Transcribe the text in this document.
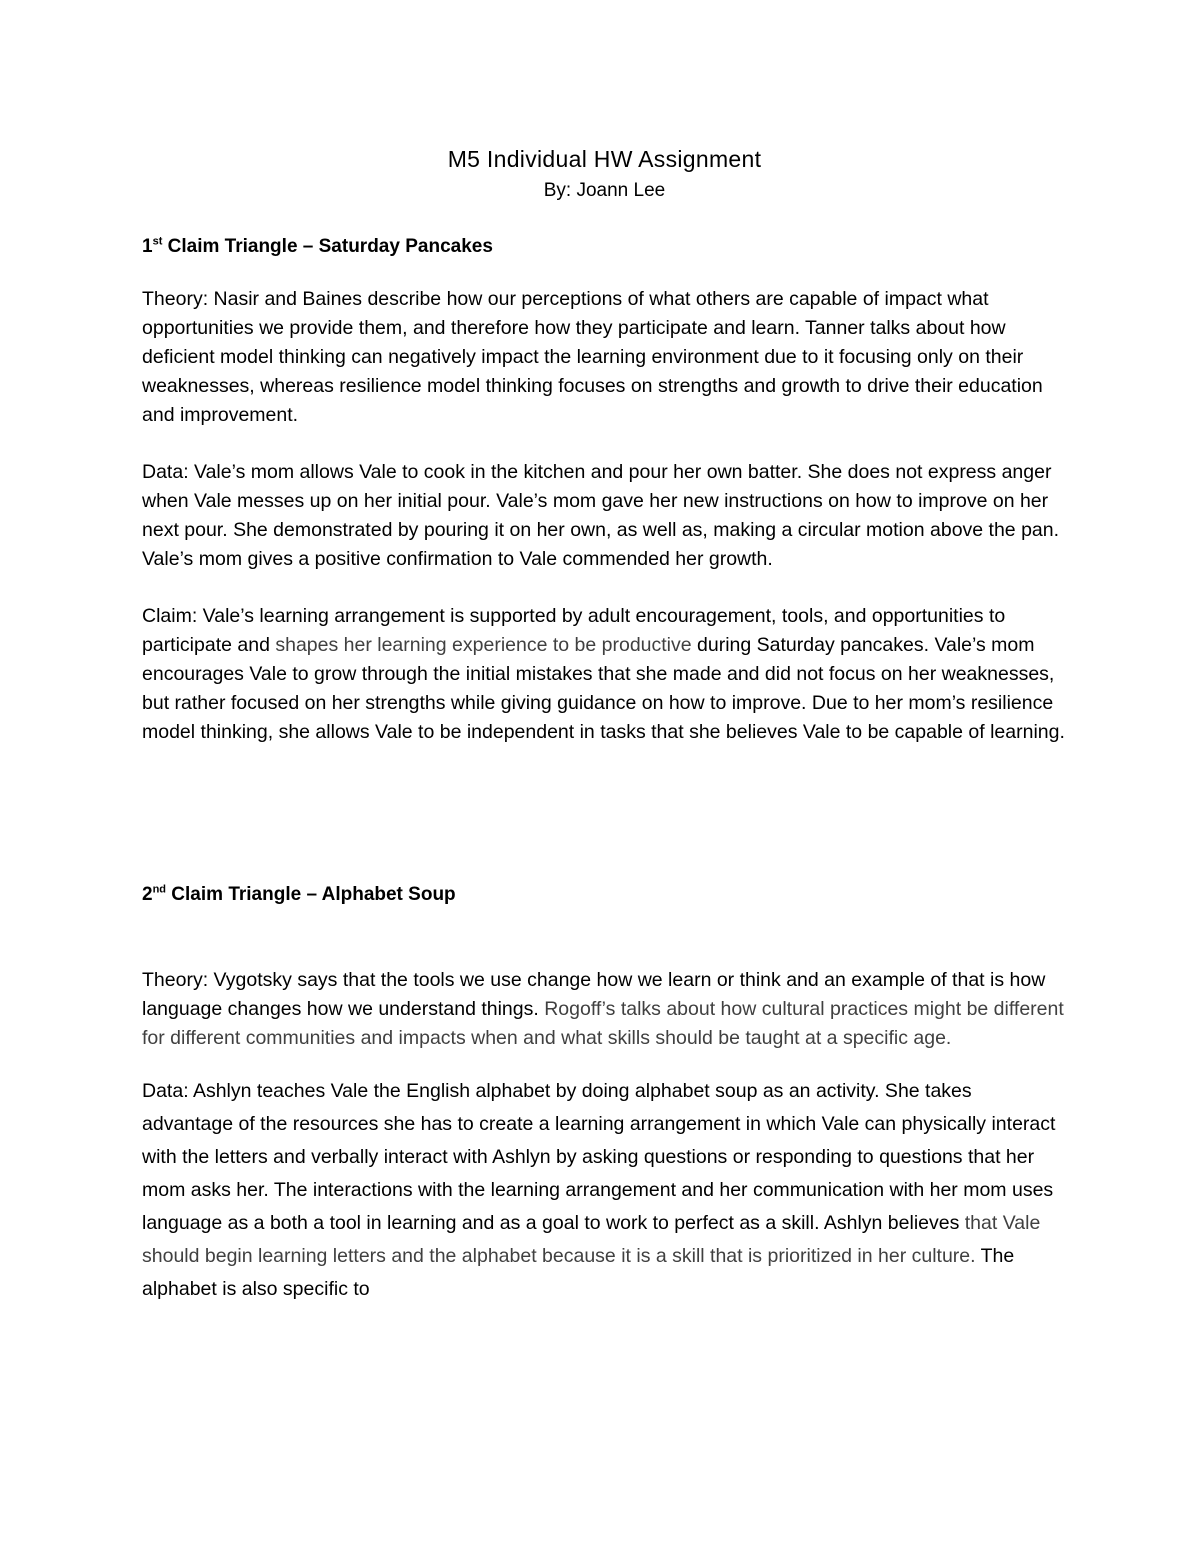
M5 Individual HW Assignment
By: Joann Lee
1st Claim Triangle – Saturday Pancakes

Theory: Nasir and Baines describe how our perceptions of what others are capable of impact what opportunities we provide them, and therefore how they participate and learn. Tanner talks about how deficient model thinking can negatively impact the learning environment due to it focusing only on their weaknesses, whereas resilience model thinking focuses on strengths and growth to drive their education and improvement.

Data: Vale’s mom allows Vale to cook in the kitchen and pour her own batter. She does not express anger when Vale messes up on her initial pour. Vale’s mom gave her new instructions on how to improve on her next pour. She demonstrated by pouring it on her own, as well as, making a circular motion above the pan. Vale’s mom gives a positive confirmation to Vale commended her growth.

Claim: Vale’s learning arrangement is supported by adult encouragement, tools, and opportunities to participate and shapes her learning experience to be productive during Saturday pancakes. Vale’s mom encourages Vale to grow through the initial mistakes that she made and did not focus on her weaknesses, but rather focused on her strengths while giving guidance on how to improve. Due to her mom’s resilience model thinking, she allows Vale to be independent in tasks that she believes Vale to be capable of learning.

2nd Claim Triangle – Alphabet Soup

Theory: Vygotsky says that the tools we use change how we learn or think and an example of that is how language changes how we understand things. Rogoff’s talks about how cultural practices might be different for different communities and impacts when and what skills should be taught at a specific age.

Data: Ashlyn teaches Vale the English alphabet by doing alphabet soup as an activity. She takes advantage of the resources she has to create a learning arrangement in which Vale can physically interact with the letters and verbally interact with Ashlyn by asking questions or responding to questions that her mom asks her. The interactions with the learning arrangement and her communication with her mom uses language as a both a tool in learning and as a goal to work to perfect as a skill. Ashlyn believes that Vale should begin learning letters and the alphabet because it is a skill that is prioritized in her culture. The alphabet is also specific to
